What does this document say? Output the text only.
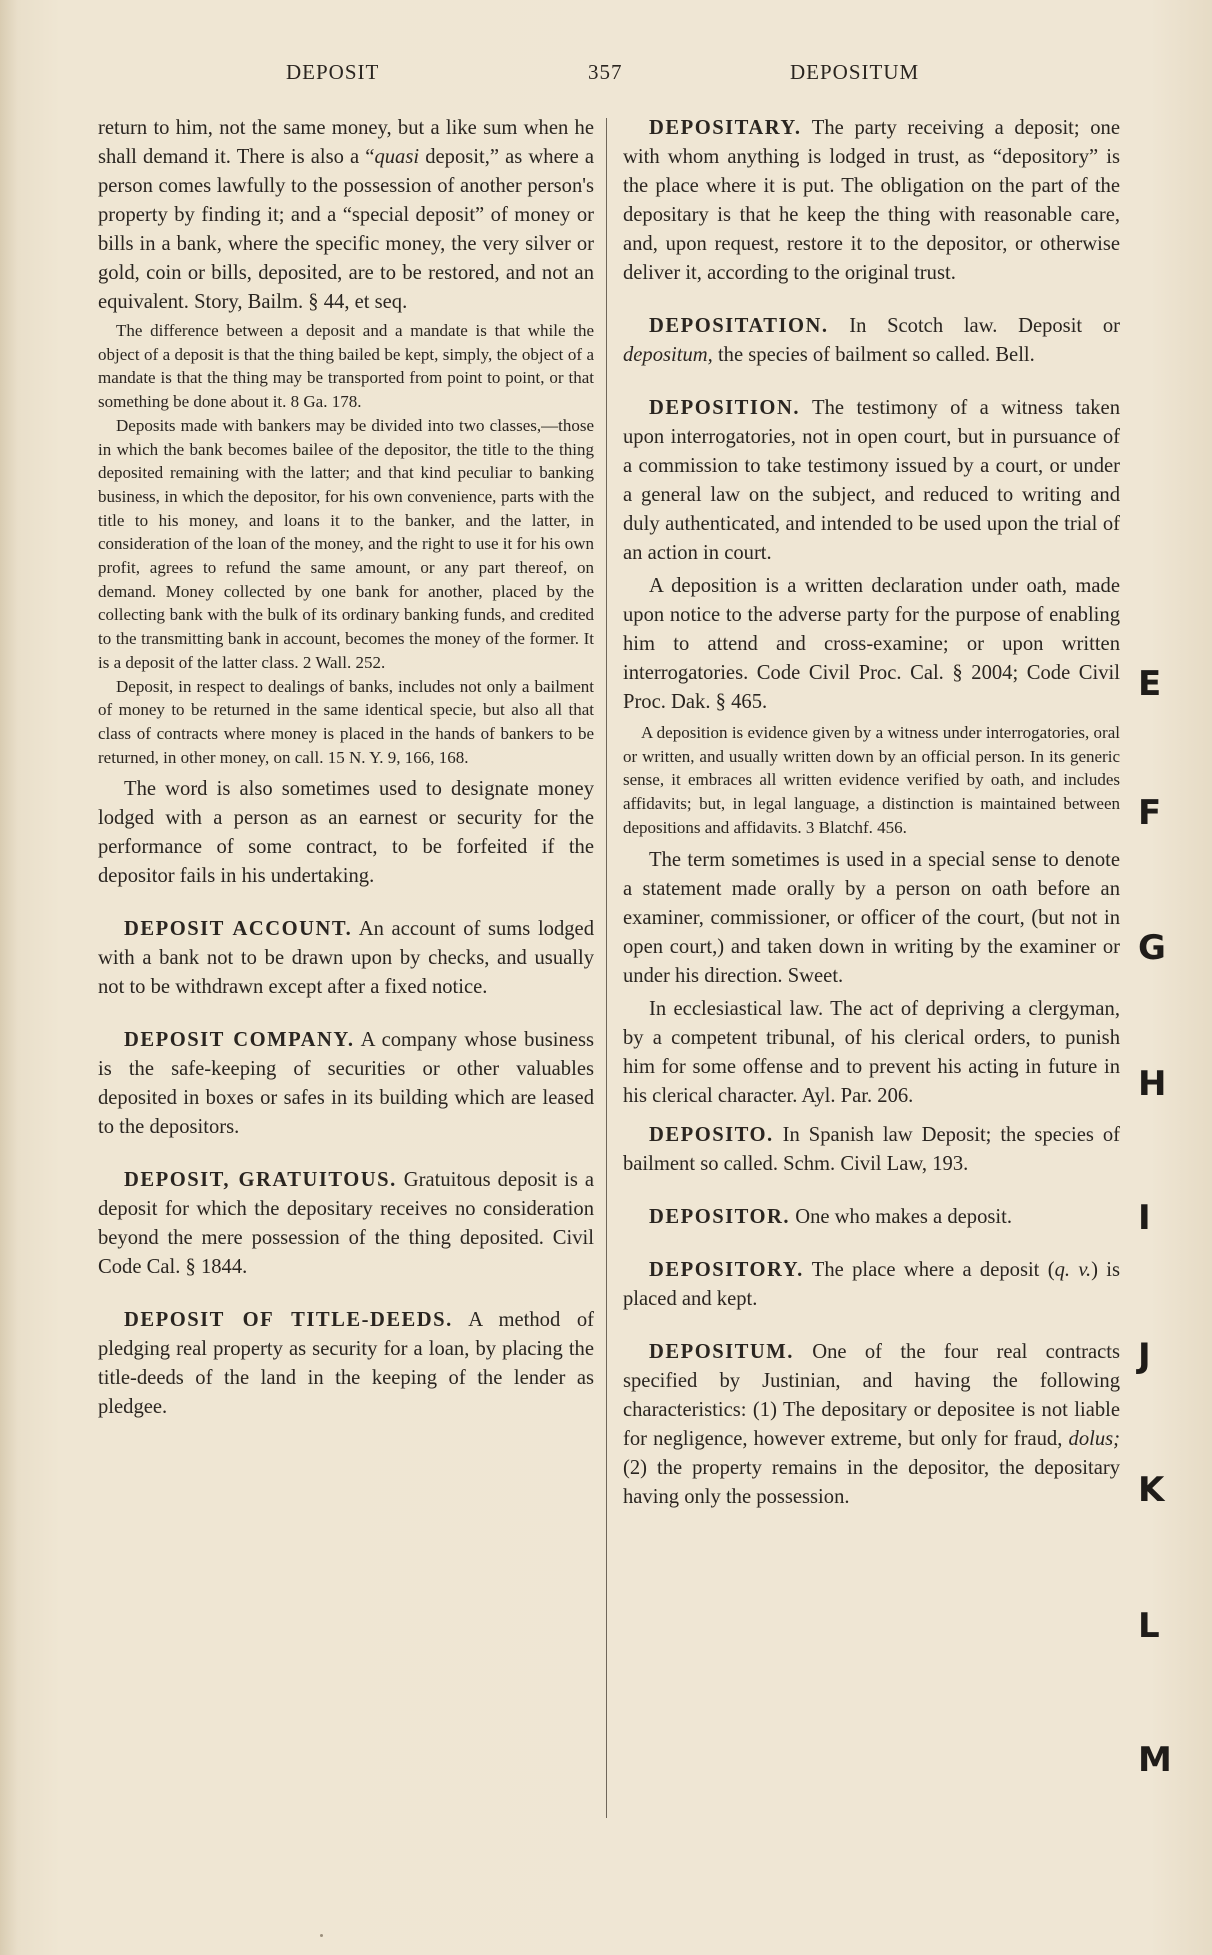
DEPOSIT	357	DEPOSITUM

return to him, not the same money, but a like sum when he shall demand it. There is also a “quasi deposit,” as where a person comes lawfully to the possession of another person's property by finding it; and a “special deposit” of money or bills in a bank, where the specific money, the very silver or gold, coin or bills, deposited, are to be restored, and not an equivalent. Story, Bailm. § 44, et seq.

The difference between a deposit and a mandate is that while the object of a deposit is that the thing bailed be kept, simply, the object of a mandate is that the thing may be transported from point to point, or that something be done about it. 8 Ga. 178.

Deposits made with bankers may be divided into two classes,—those in which the bank becomes bailee of the depositor, the title to the thing deposited remaining with the latter; and that kind peculiar to banking business, in which the depositor, for his own convenience, parts with the title to his money, and loans it to the banker, and the latter, in consideration of the loan of the money, and the right to use it for his own profit, agrees to refund the same amount, or any part thereof, on demand. Money collected by one bank for another, placed by the collecting bank with the bulk of its ordinary banking funds, and credited to the transmitting bank in account, becomes the money of the former. It is a deposit of the latter class. 2 Wall. 252.

Deposit, in respect to dealings of banks, includes not only a bailment of money to be returned in the same identical specie, but also all that class of contracts where money is placed in the hands of bankers to be returned, in other money, on call. 15 N. Y. 9, 166, 168.

The word is also sometimes used to designate money lodged with a person as an earnest or security for the performance of some contract, to be forfeited if the depositor fails in his undertaking.

DEPOSIT ACCOUNT. An account of sums lodged with a bank not to be drawn upon by checks, and usually not to be withdrawn except after a fixed notice.

DEPOSIT COMPANY. A company whose business is the safe-keeping of securities or other valuables deposited in boxes or safes in its building which are leased to the depositors.

DEPOSIT, GRATUITOUS. Gratuitous deposit is a deposit for which the depositary receives no consideration beyond the mere possession of the thing deposited. Civil Code Cal. § 1844.

DEPOSIT OF TITLE-DEEDS. A method of pledging real property as security for a loan, by placing the title-deeds of the land in the keeping of the lender as pledgee.

DEPOSITARY. The party receiving a deposit; one with whom anything is lodged in trust, as “depository” is the place where it is put. The obligation on the part of the depositary is that he keep the thing with reasonable care, and, upon request, restore it to the depositor, or otherwise deliver it, according to the original trust.

DEPOSITATION. In Scotch law. Deposit or depositum, the species of bailment so called. Bell.

DEPOSITION. The testimony of a witness taken upon interrogatories, not in open court, but in pursuance of a commission to take testimony issued by a court, or under a general law on the subject, and reduced to writing and duly authenticated, and intended to be used upon the trial of an action in court.

A deposition is a written declaration under oath, made upon notice to the adverse party for the purpose of enabling him to attend and cross-examine; or upon written interrogatories. Code Civil Proc. Cal. § 2004; Code Civil Proc. Dak. § 465.

A deposition is evidence given by a witness under interrogatories, oral or written, and usually written down by an official person. In its generic sense, it embraces all written evidence verified by oath, and includes affidavits; but, in legal language, a distinction is maintained between depositions and affidavits. 3 Blatchf. 456.

The term sometimes is used in a special sense to denote a statement made orally by a person on oath before an examiner, commissioner, or officer of the court, (but not in open court,) and taken down in writing by the examiner or under his direction. Sweet.

In ecclesiastical law. The act of depriving a clergyman, by a competent tribunal, of his clerical orders, to punish him for some offense and to prevent his acting in future in his clerical character. Ayl. Par. 206.

DEPOSITO. In Spanish law Deposit; the species of bailment so called. Schm. Civil Law, 193.

DEPOSITOR. One who makes a deposit.

DEPOSITORY. The place where a deposit (q. v.) is placed and kept.

DEPOSITUM. One of the four real contracts specified by Justinian, and having the following characteristics: (1) The depositary or depositee is not liable for negligence, however extreme, but only for fraud, dolus; (2) the property remains in the depositor, the depositary having only the possession.

E
F
G
H
I
J
K
L
M
